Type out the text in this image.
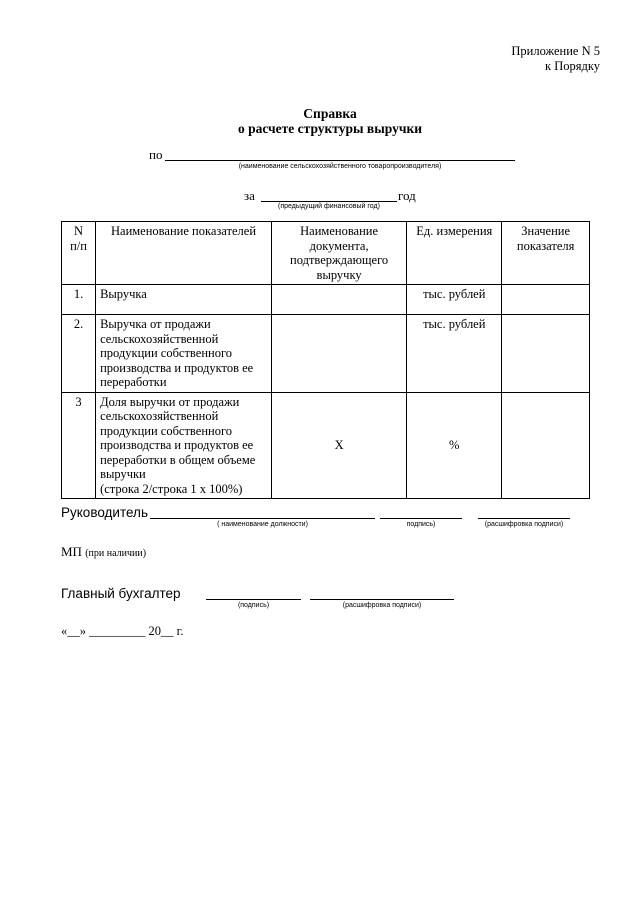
Приложение N 5
к Порядку
Справка
о расчете структуры выручки
по
(наименование сельскохозяйственного товаропроизводителя)
за	год
(предыдущий финансовый год)
N
п/п	Наименование показателей	Наименование документа, подтверждающего выручку	Ед. измерения	Значение показателя
1.	Выручка		тыс. рублей	
2.	Выручка от продажи сельскохозяйственной продукции собственного производства и продуктов ее переработки		тыс. рублей	
3	Доля выручки от продажи сельскохозяйственной продукции собственного производства и продуктов ее переработки в общем объеме выручки
(строка 2/строка 1 х 100%)	Х	%	
Руководитель
( наименование должности)	подпись)	(расшифровка подписи)
МП (при наличии)
Главный бухгалтер
(подпись)	(расшифровка подписи)
«__» _________ 20__ г.
